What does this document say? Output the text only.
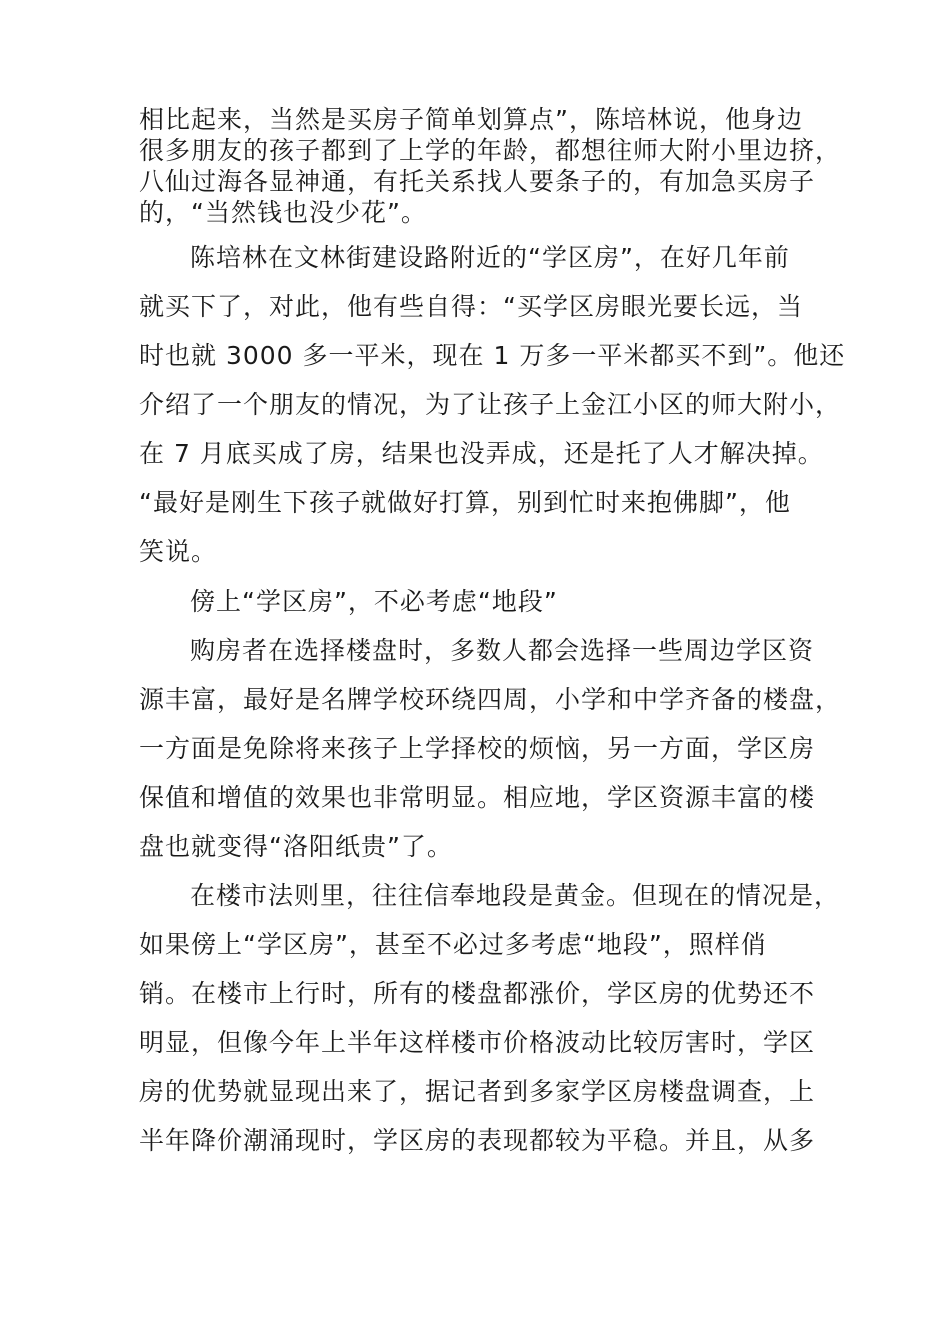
相比起来，当然是买房子简单划算点”，陈培林说，他身边
很多朋友的孩子都到了上学的年龄，都想往师大附小里边挤，
八仙过海各显神通，有托关系找人要条子的，有加急买房子
的，“当然钱也没少花”。
陈培林在文林街建设路附近的“学区房”，在好几年前
就买下了，对此，他有些自得：“买学区房眼光要长远，当
时也就 3000 多一平米，现在 1 万多一平米都买不到”。他还
介绍了一个朋友的情况，为了让孩子上金江小区的师大附小，
在 7 月底买成了房，结果也没弄成，还是托了人才解决掉。
“最好是刚生下孩子就做好打算，别到忙时来抱佛脚”，他
笑说。
傍上“学区房”，不必考虑“地段”
购房者在选择楼盘时，多数人都会选择一些周边学区资
源丰富，最好是名牌学校环绕四周，小学和中学齐备的楼盘，
一方面是免除将来孩子上学择校的烦恼，另一方面，学区房
保值和增值的效果也非常明显。相应地，学区资源丰富的楼
盘也就变得“洛阳纸贵”了。
在楼市法则里，往往信奉地段是黄金。但现在的情况是，
如果傍上“学区房”，甚至不必过多考虑“地段”，照样俏
销。在楼市上行时，所有的楼盘都涨价，学区房的优势还不
明显，但像今年上半年这样楼市价格波动比较厉害时，学区
房的优势就显现出来了，据记者到多家学区房楼盘调查，上
半年降价潮涌现时，学区房的表现都较为平稳。并且，从多
